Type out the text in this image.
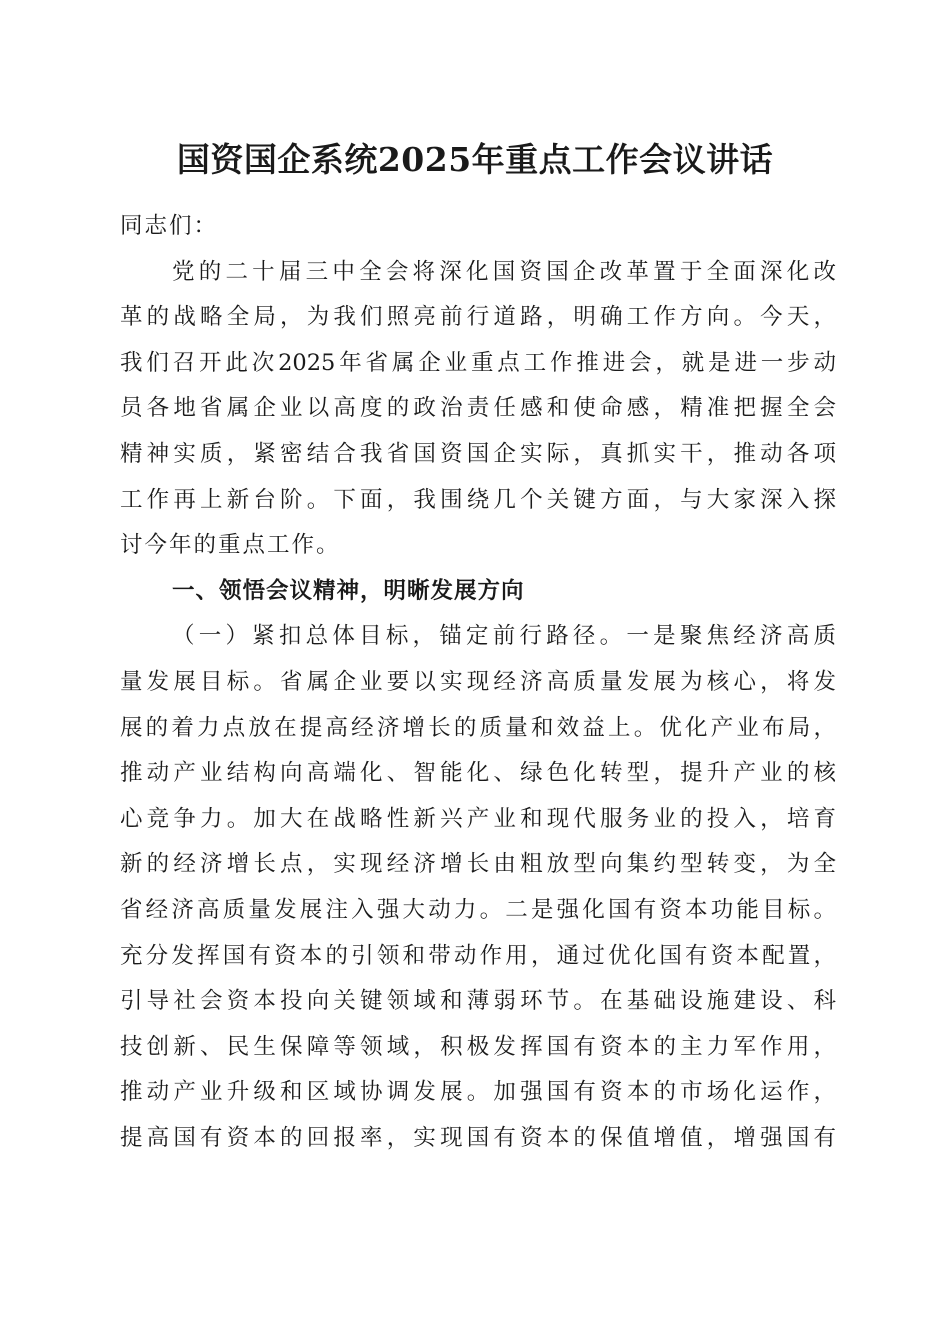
国资国企系统2025年重点工作会议讲话
同志们：
党的二十届三中全会将深化国资国企改革置于全面深化改
革的战略全局，为我们照亮前行道路，明确工作方向。今天，
我们召开此次2025年省属企业重点工作推进会，就是进一步动
员各地省属企业以高度的政治责任感和使命感，精准把握全会
精神实质，紧密结合我省国资国企实际，真抓实干，推动各项
工作再上新台阶。下面，我围绕几个关键方面，与大家深入探
讨今年的重点工作。
一、领悟会议精神，明晰发展方向
（一）紧扣总体目标，锚定前行路径。一是聚焦经济高质
量发展目标。省属企业要以实现经济高质量发展为核心，将发
展的着力点放在提高经济增长的质量和效益上。优化产业布局，
推动产业结构向高端化、智能化、绿色化转型，提升产业的核
心竞争力。加大在战略性新兴产业和现代服务业的投入，培育
新的经济增长点，实现经济增长由粗放型向集约型转变，为全
省经济高质量发展注入强大动力。二是强化国有资本功能目标。
充分发挥国有资本的引领和带动作用，通过优化国有资本配置，
引导社会资本投向关键领域和薄弱环节。在基础设施建设、科
技创新、民生保障等领域，积极发挥国有资本的主力军作用，
推动产业升级和区域协调发展。加强国有资本的市场化运作，
提高国有资本的回报率，实现国有资本的保值增值，增强国有
